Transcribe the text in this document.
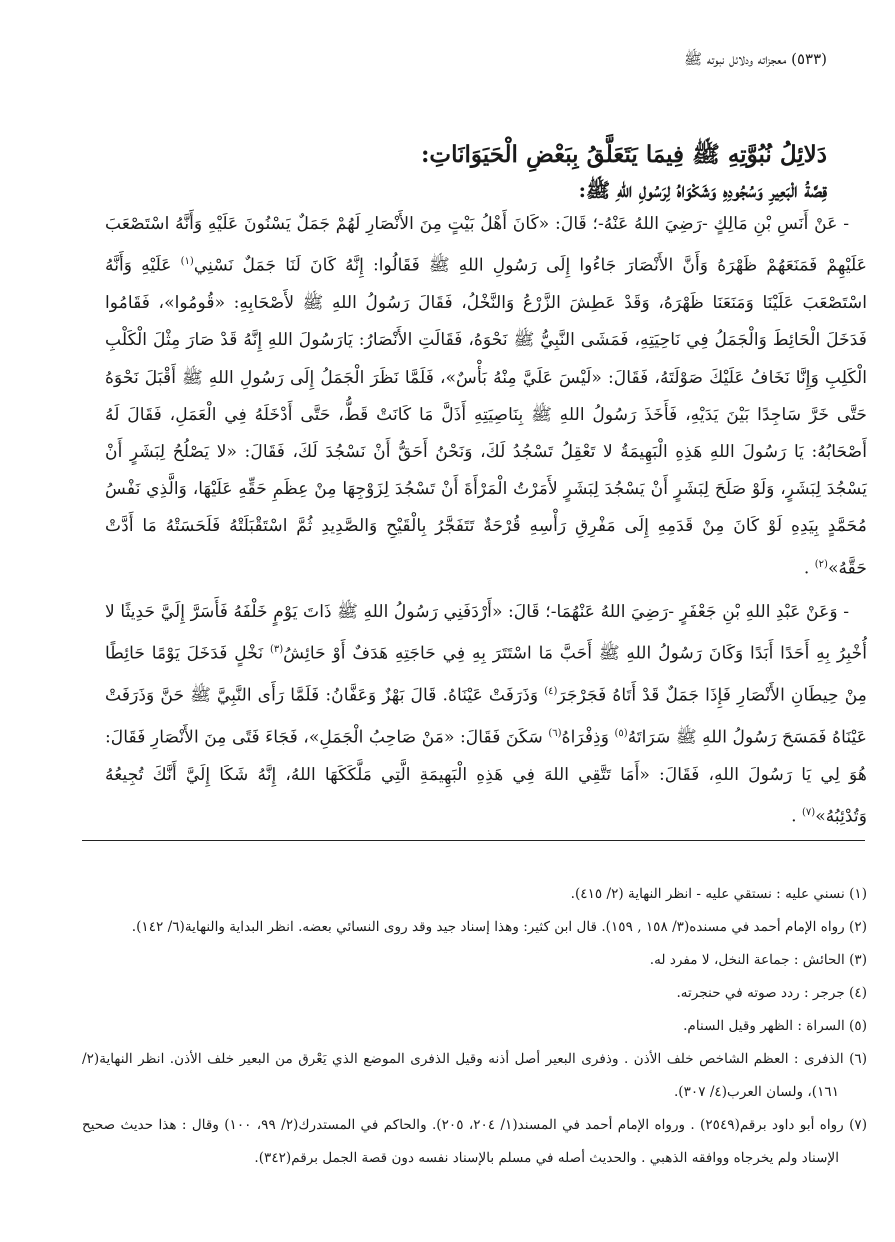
(٥٣٣) معجزاته ودلائل نبوته ﷺ
دَلائِلُ نُبُوَّتِهِ ﷺ فِيمَا يَتَعَلَّقُ بِبَعْضِ الْحَيَوَانَاتِ:
قِصَّةُ الْبَعِيرِ وَسُجُودِهِ وَشَكْوَاهُ لِرَسُولِ اللهِ ﷺ:

- عَنْ أَنَسِ بْنِ مَالِكٍ -رَضِيَ اللهُ عَنْهُ-؛ قَالَ: «كَانَ أَهْلُ بَيْتٍ مِنَ الأَنْصَارِ لَهُمْ جَمَلٌ يَسْنُونَ عَلَيْهِ وَأَنَّهُ اسْتَصْعَبَ عَلَيْهِمْ فَمَنَعَهُمْ ظَهْرَهُ وَأَنَّ الأَنْصَارَ جَاءُوا إِلَى رَسُولِ اللهِ ﷺ فَقَالُوا: إِنَّهُ كَانَ لَنَا جَمَلٌ نَسْنِي$^{(١)}$ عَلَيْهِ وَأَنَّهُ اسْتَصْعَبَ عَلَيْنَا وَمَنَعَنَا ظَهْرَهُ، وَقَدْ عَطِشَ الزَّرْعُ وَالنَّخْلُ، فَقَالَ رَسُولُ اللهِ ﷺ لأَصْحَابِهِ: «قُومُوا»، فَقَامُوا فَدَخَلَ الْحَائِطَ وَالْجَمَلُ فِي نَاحِيَتِهِ، فَمَشَى النَّبِيُّ ﷺ نَحْوَهُ، فَقَالَتِ الأَنْصَارُ: يَارَسُولَ اللهِ إِنَّهُ قَدْ صَارَ مِثْلَ الْكَلْبِ الْكَلِبِ وَإِنَّا نَخَافُ عَلَيْكَ صَوْلَتَهُ، فَقَالَ: «لَيْسَ عَلَيَّ مِنْهُ بَأْسٌ»، فَلَمَّا نَظَرَ الْجَمَلُ إِلَى رَسُولِ اللهِ ﷺ أَقْبَلَ نَحْوَهُ حَتَّى خَرَّ سَاجِدًا بَيْنَ يَدَيْهِ، فَأَخَذَ رَسُولُ اللهِ ﷺ بِنَاصِيَتِهِ أَذَلَّ مَا كَانَتْ قَطُّ، حَتَّى أَدْخَلَهُ فِي الْعَمَلِ، فَقَالَ لَهُ أَصْحَابُهُ: يَا رَسُولَ اللهِ هَذِهِ الْبَهِيمَةُ لا تَعْقِلُ تَسْجُدُ لَكَ، وَنَحْنُ أَحَقُّ أَنْ نَسْجُدَ لَكَ، فَقَالَ: «لا يَصْلُحُ لِبَشَرٍ أَنْ يَسْجُدَ لِبَشَرٍ، وَلَوْ صَلَحَ لِبَشَرٍ أَنْ يَسْجُدَ لِبَشَرٍ لأَمَرْتُ الْمَرْأَةَ أَنْ تَسْجُدَ لِزَوْجِهَا مِنْ عِظَمِ حَقِّهِ عَلَيْهَا، وَالَّذِي نَفْسُ مُحَمَّدٍ بِيَدِهِ لَوْ كَانَ مِنْ قَدَمِهِ إِلَى مَفْرِقِ رَأْسِهِ قُرْحَةٌ تَتَفَجَّرُ بِالْقَيْحِ وَالصَّدِيدِ ثُمَّ اسْتَقْبَلَتْهُ فَلَحَسَتْهُ مَا أَدَّتْ حَقَّهُ»$^{(٢)}$ .

- وَعَنْ عَبْدِ اللهِ بْنِ جَعْفَرٍ -رَضِيَ اللهُ عَنْهُمَا-؛ قَالَ: «أَرْدَفَنِي رَسُولُ اللهِ ﷺ ذَاتَ يَوْمٍ خَلْفَهُ فَأَسَرَّ إِلَيَّ حَدِيثًا لا أُخْبِرُ بِهِ أَحَدًا أَبَدًا وَكَانَ رَسُولُ اللهِ ﷺ أَحَبَّ مَا اسْتَتَرَ بِهِ فِي حَاجَتِهِ هَدَفٌ أَوْ حَائِشُ$^{(٣)}$ نَخْلٍ فَدَخَلَ يَوْمًا حَائِطًا مِنْ حِيطَانِ الأَنْصَارِ فَإِذَا جَمَلٌ قَدْ أَتَاهُ فَجَرْجَرَ$^{(٤)}$ وَذَرَفَتْ عَيْنَاهُ. قَالَ بَهْزٌ وَعَفَّانُ: فَلَمَّا رَأَى النَّبِيَّ ﷺ حَنَّ وَذَرَفَتْ عَيْنَاهُ فَمَسَحَ رَسُولُ اللهِ ﷺ سَرَاتَهُ$^{(٥)}$ وَذِفْرَاهُ$^{(٦)}$ سَكَنَ فَقَالَ: «مَنْ صَاحِبُ الْجَمَلِ»، فَجَاءَ فَتًى مِنَ الأَنْصَارِ فَقَالَ: هُوَ لِي يَا رَسُولَ اللهِ، فَقَالَ: «أَمَا تَتَّقِي اللهَ فِي هَذِهِ الْبَهِيمَةِ الَّتِي مَلَّكَكَهَا اللهُ، إِنَّهُ شَكَا إِلَيَّ أَنَّكَ تُجِيعُهُ وَتُدْئِبُهُ»$^{(٧)}$ .

(١) نسني عليه : نستقي عليه - انظر النهاية (٢/ ٤١٥).
(٢) رواه الإمام أحمد في مسنده(٣/ ١٥٨ , ١٥٩). قال ابن كثير: وهذا إسناد جيد وقد روى النسائي بعضه. انظر البداية والنهاية(٦/ ١٤٢).
(٣) الحائش : جماعة النخل، لا مفرد له.
(٤) جرجر : ردد صوته في حنجرته.
(٥) السراة : الظهر وقيل السنام.
(٦) الذفرى : العظم الشاخص خلف الأذن . وذفرى البعير أصل أذنه وقيل الذفرى الموضع الذي يَعْرق من البعير خلف الأذن. انظر النهاية(٢/ ١٦١)، ولسان العرب(٤/ ٣٠٧).
(٧) رواه أبو داود برقم(٢٥٤٩) . ورواه الإمام أحمد في المسند(١/ ٢٠٤، ٢٠٥). والحاكم في المستدرك(٢/ ٩٩، ١٠٠) وقال : هذا حديث صحيح الإسناد ولم يخرجاه ووافقه الذهبي . والحديث أصله في مسلم بالإسناد نفسه دون قصة الجمل برقم(٣٤٢).
